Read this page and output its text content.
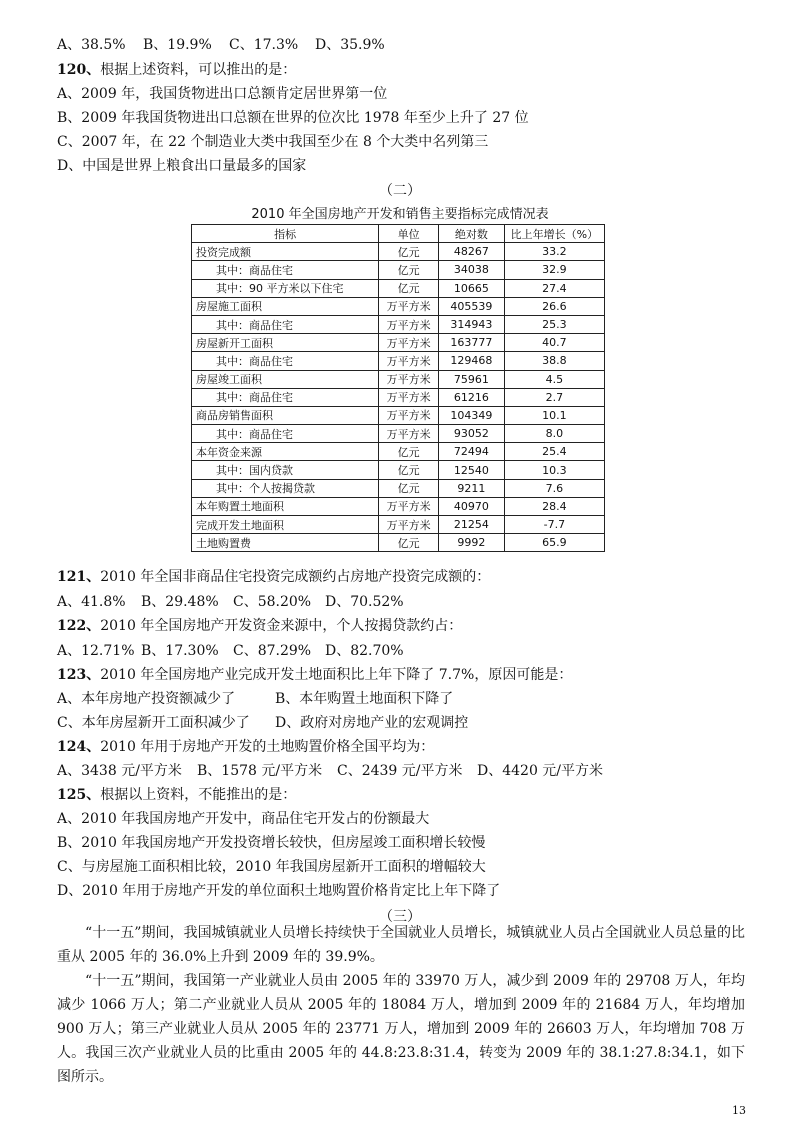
A、38.5% B、19.9% C、17.3% D、35.9%
120、根据上述资料，可以推出的是：
A、2009 年，我国货物进出口总额肯定居世界第一位
B、2009 年我国货物进出口总额在世界的位次比 1978 年至少上升了 27 位
C、2007 年，在 22 个制造业大类中我国至少在 8 个大类中名列第三
D、中国是世界上粮食出口量最多的国家
（二）
2010 年全国房地产开发和销售主要指标完成情况表
指标	单位	绝对数	比上年增长（%）
投资完成额	亿元	48267	33.2
其中：商品住宅	亿元	34038	32.9
其中：90 平方米以下住宅	亿元	10665	27.4
房屋施工面积	万平方米	405539	26.6
其中：商品住宅	万平方米	314943	25.3
房屋新开工面积	万平方米	163777	40.7
其中：商品住宅	万平方米	129468	38.8
房屋竣工面积	万平方米	75961	4.5
其中：商品住宅	万平方米	61216	2.7
商品房销售面积	万平方米	104349	10.1
其中：商品住宅	万平方米	93052	8.0
本年资金来源	亿元	72494	25.4
其中：国内贷款	亿元	12540	10.3
其中：个人按揭贷款	亿元	9211	7.6
本年购置土地面积	万平方米	40970	28.4
完成开发土地面积	万平方米	21254	-7.7
土地购置费	亿元	9992	65.9
121、2010 年全国非商品住宅投资完成额约占房地产投资完成额的：
A、41.8% B、29.48% C、58.20% D、70.52%
122、2010 年全国房地产开发资金来源中，个人按揭贷款约占：
A、12.71% B、17.30% C、87.29% D、82.70%
123、2010 年全国房地产业完成开发土地面积比上年下降了 7.7%，原因可能是：
A、本年房地产投资额减少了	B、本年购置土地面积下降了
C、本年房屋新开工面积减少了 D、政府对房地产业的宏观调控
124、2010 年用于房地产开发的土地购置价格全国平均为：
A、3438 元/平方米 B、1578 元/平方米 C、2439 元/平方米 D、4420 元/平方米
125、根据以上资料，不能推出的是：
A、2010 年我国房地产开发中，商品住宅开发占的份额最大
B、2010 年我国房地产开发投资增长较快，但房屋竣工面积增长较慢
C、与房屋施工面积相比较，2010 年我国房屋新开工面积的增幅较大
D、2010 年用于房地产开发的单位面积土地购置价格肯定比上年下降了
（三）
“十一五”期间，我国城镇就业人员增长持续快于全国就业人员增长，城镇就业人员占全国就业人员总量的比重从 2005 年的 36.0%上升到 2009 年的 39.9%。
“十一五”期间，我国第一产业就业人员由 2005 年的 33970 万人，减少到 2009 年的 29708 万人，年均减少 1066 万人；第二产业就业人员从 2005 年的 18084 万人，增加到 2009 年的 21684 万人，年均增加 900 万人；第三产业就业人员从 2005 年的 23771 万人，增加到 2009 年的 26603 万人，年均增加 708 万人。我国三次产业就业人员的比重由 2005 年的 44.8:23.8:31.4，转变为 2009 年的 38.1:27.8:34.1，如下图所示。
13
